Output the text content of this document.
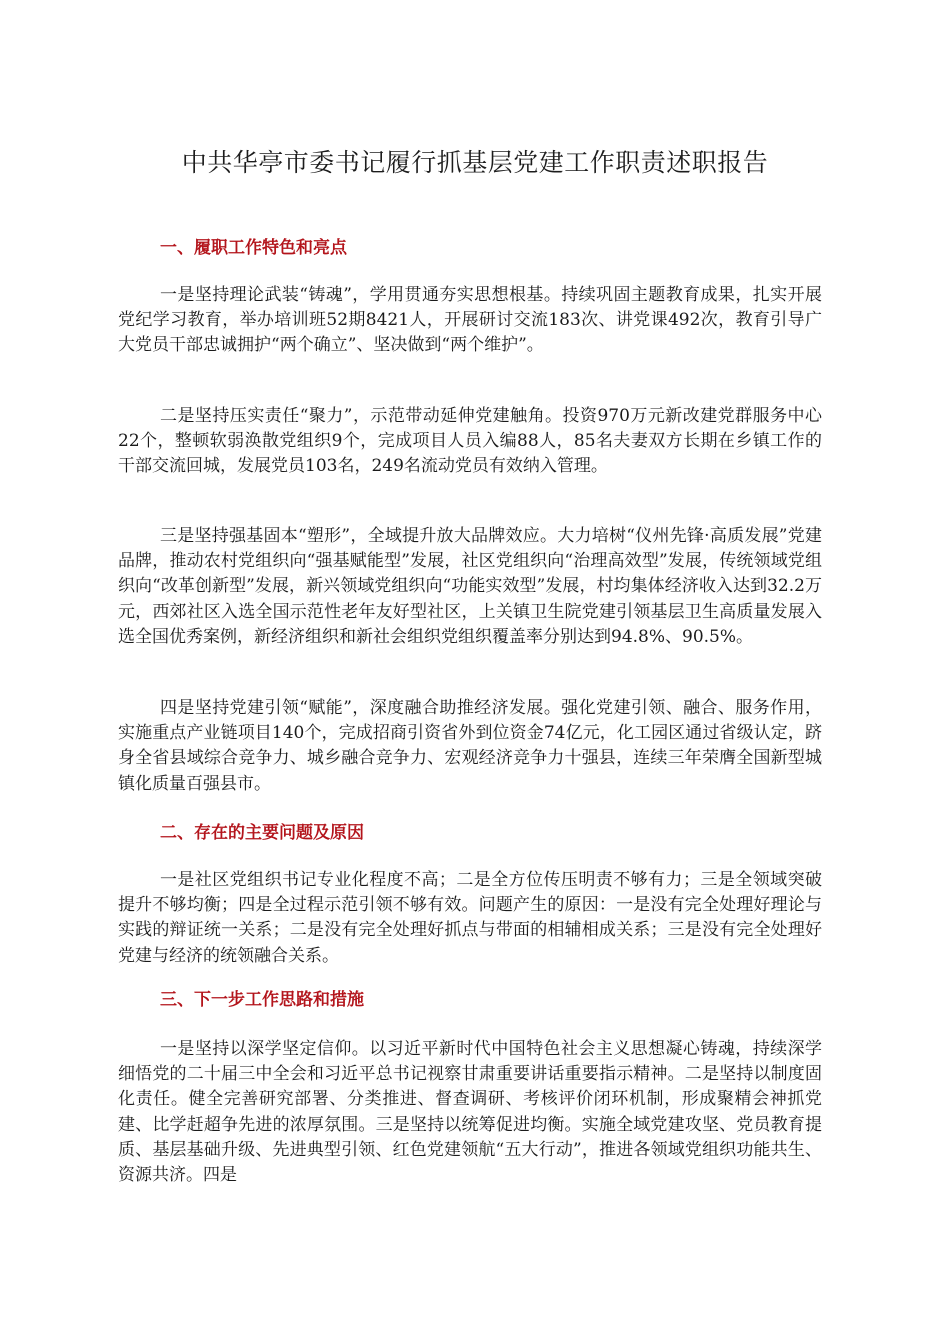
中共华亭市委书记履行抓基层党建工作职责述职报告
一、履职工作特色和亮点

一是坚持理论武装“铸魂”，学用贯通夯实思想根基。持续巩固主题教育成果，扎实开展党纪学习教育，举办培训班52期8421人，开展研讨交流183次、讲党课492次，教育引导广大党员干部忠诚拥护“两个确立”、坚决做到“两个维护”。

二是坚持压实责任“聚力”，示范带动延伸党建触角。投资970万元新改建党群服务中心22个，整顿软弱涣散党组织9个，完成项目人员入编88人，85名夫妻双方长期在乡镇工作的干部交流回城，发展党员103名，249名流动党员有效纳入管理。

三是坚持强基固本“塑形”，全域提升放大品牌效应。大力培树“仪州先锋·高质发展”党建品牌，推动农村党组织向“强基赋能型”发展，社区党组织向“治理高效型”发展，传统领域党组织向“改革创新型”发展，新兴领域党组织向“功能实效型”发展，村均集体经济收入达到32.2万元，西郊社区入选全国示范性老年友好型社区，上关镇卫生院党建引领基层卫生高质量发展入选全国优秀案例，新经济组织和新社会组织党组织覆盖率分别达到94.8%、90.5%。

四是坚持党建引领“赋能”，深度融合助推经济发展。强化党建引领、融合、服务作用，实施重点产业链项目140个，完成招商引资省外到位资金74亿元，化工园区通过省级认定，跻身全省县域综合竞争力、城乡融合竞争力、宏观经济竞争力十强县，连续三年荣膺全国新型城镇化质量百强县市。

二、存在的主要问题及原因

一是社区党组织书记专业化程度不高；二是全方位传压明责不够有力；三是全领域突破提升不够均衡；四是全过程示范引领不够有效。问题产生的原因：一是没有完全处理好理论与实践的辩证统一关系；二是没有完全处理好抓点与带面的相辅相成关系；三是没有完全处理好党建与经济的统领融合关系。

三、下一步工作思路和措施

一是坚持以深学坚定信仰。以习近平新时代中国特色社会主义思想凝心铸魂，持续深学细悟党的二十届三中全会和习近平总书记视察甘肃重要讲话重要指示精神。二是坚持以制度固化责任。健全完善研究部署、分类推进、督查调研、考核评价闭环机制，形成聚精会神抓党建、比学赶超争先进的浓厚氛围。三是坚持以统筹促进均衡。实施全域党建攻坚、党员教育提质、基层基础升级、先进典型引领、红色党建领航“五大行动”，推进各领域党组织功能共生、资源共济。四是
